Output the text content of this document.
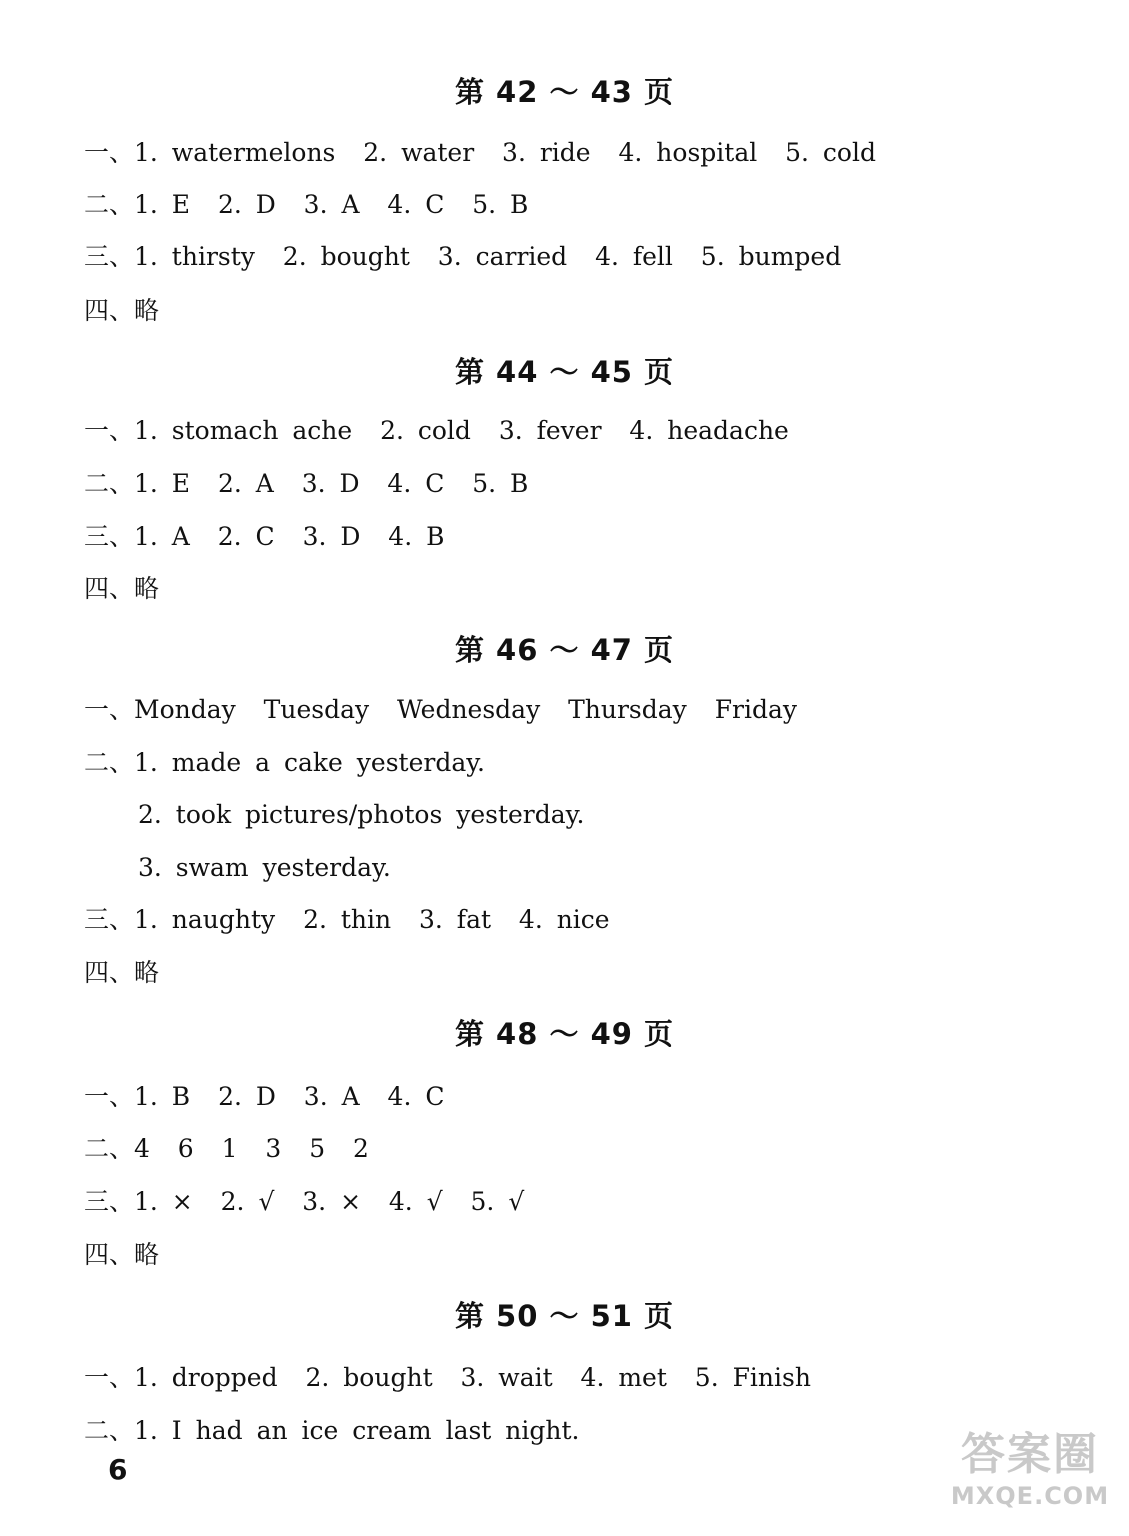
第 42 ～ 43 页
一、1. watermelons  2. water  3. ride  4. hospital  5. cold
二、1. E  2. D  3. A  4. C  5. B
三、1. thirsty  2. bought  3. carried  4. fell  5. bumped
四、略
第 44 ～ 45 页
一、1. stomach ache  2. cold  3. fever  4. headache
二、1. E  2. A  3. D  4. C  5. B
三、1. A  2. C  3. D  4. B
四、略
第 46 ～ 47 页
一、Monday  Tuesday  Wednesday  Thursday  Friday
二、1. made a cake yesterday.
2. took pictures/photos yesterday.
3. swam yesterday.
三、1. naughty  2. thin  3. fat  4. nice
四、略
第 48 ～ 49 页
一、1. B  2. D  3. A  4. C
二、4  6  1  3  5  2
三、1. ×  2. √  3. ×  4. √  5. √
四、略
第 50 ～ 51 页
一、1. dropped  2. bought  3. wait  4. met  5. Finish
二、1. I had an ice cream last night.
6	答案圈
MXQE.COM
